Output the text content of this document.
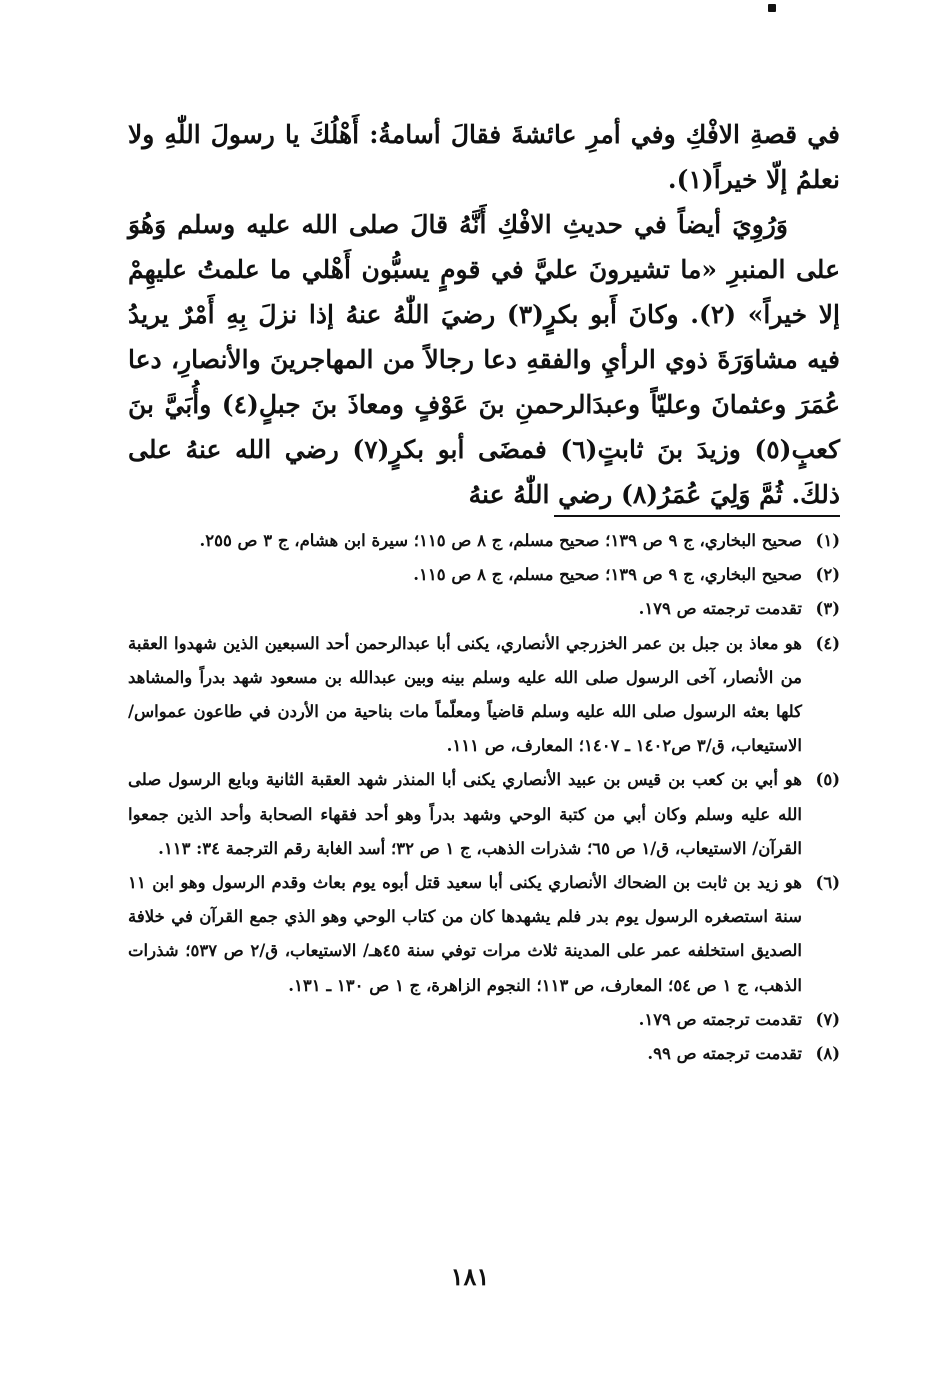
في قصةِ الافْكِ وفي أمرِ عائشةَ فقالَ أسامةُ: أَهْلُكَ يا رسولَ اللّٰهِ ولا نعلمُ إلّا خيراً(١).

وَرُوِيَ أيضاً في حديثِ الافْكِ أَنَّهُ قالَ صلى الله عليه وسلم وَهُوَ على المنبرِ «ما تشيرونَ عليَّ في قومٍ يسبُّون أَهْلي ما علمتُ عليهِمْ إلا خيراً» (٢). وكانَ أَبو بكرٍ(٣) رضيَ اللّٰهُ عنهُ إذا نزلَ بِهِ أَمْرٌ يريدُ فيه مشاوَرَةَ ذوي الرأيِ والفقهِ دعا رجالاً من المهاجرينَ والأنصارِ، دعا عُمَرَ وعثمانَ وعليّاً وعبدَالرحمنِ بنَ عَوْفٍ ومعاذَ بنَ جبلٍ(٤) وأُبَيَّ بنَ كعبٍ(٥) وزيدَ بنَ ثابتٍ(٦) فمضَى أبو بكرٍ(٧) رضي الله عنهُ على ذلكَ. ثُمَّ وَلِيَ عُمَرُ(٨) رضي اللّٰهُ عنهُ

(١)
صحيح البخاري، ج ٩ ص ١٣٩؛ صحيح مسلم، ج ٨ ص ١١٥؛ سيرة ابن هشام، ج ٣ ص ٢٥٥.
(٢)
صحيح البخاري، ج ٩ ص ١٣٩؛ صحيح مسلم، ج ٨ ص ١١٥.
(٣)
تقدمت ترجمته ص ١٧٩.
(٤)
هو معاذ بن جبل بن عمر الخزرجي الأنصاري، يكنى أبا عبدالرحمن أحد السبعين الذين شهدوا العقبة من الأنصار، آخى الرسول صلى الله عليه وسلم بينه وبين عبدالله بن مسعود شهد بدراً والمشاهد كلها بعثه الرسول صلى الله عليه وسلم قاضياً ومعلّماً مات بناحية من الأردن في طاعون عمواس/ الاستيعاب، ق/٣ ص١٤٠٢ ـ ١٤٠٧؛ المعارف، ص ١١١.
(٥)
هو أبي بن كعب بن قيس بن عبيد الأنصاري يكنى أبا المنذر شهد العقبة الثانية وبايع الرسول صلى الله عليه وسلم وكان أبي من كتبة الوحي وشهد بدراً وهو أحد فقهاء الصحابة وأحد الذين جمعوا القرآن/ الاستيعاب، ق/١ ص ٦٥؛ شذرات الذهب، ج ١ ص ٣٢؛ أسد الغابة رقم الترجمة ٣٤: ١١٣.
(٦)
هو زيد بن ثابت بن الضحاك الأنصاري يكنى أبا سعيد قتل أبوه يوم بعاث وقدم الرسول وهو ابن ١١ سنة استصغره الرسول يوم بدر فلم يشهدها كان من كتاب الوحي وهو الذي جمع القرآن في خلافة الصديق استخلفه عمر على المدينة ثلاث مرات توفي سنة ٤٥هـ/ الاستيعاب، ق/٢ ص ٥٣٧؛ شذرات الذهب، ج ١ ص ٥٤؛ المعارف، ص ١١٣؛ النجوم الزاهرة، ج ١ ص ١٣٠ ـ ١٣١.
(٧)
تقدمت ترجمته ص ١٧٩.
(٨)
تقدمت ترجمته ص ٩٩.
١٨١
